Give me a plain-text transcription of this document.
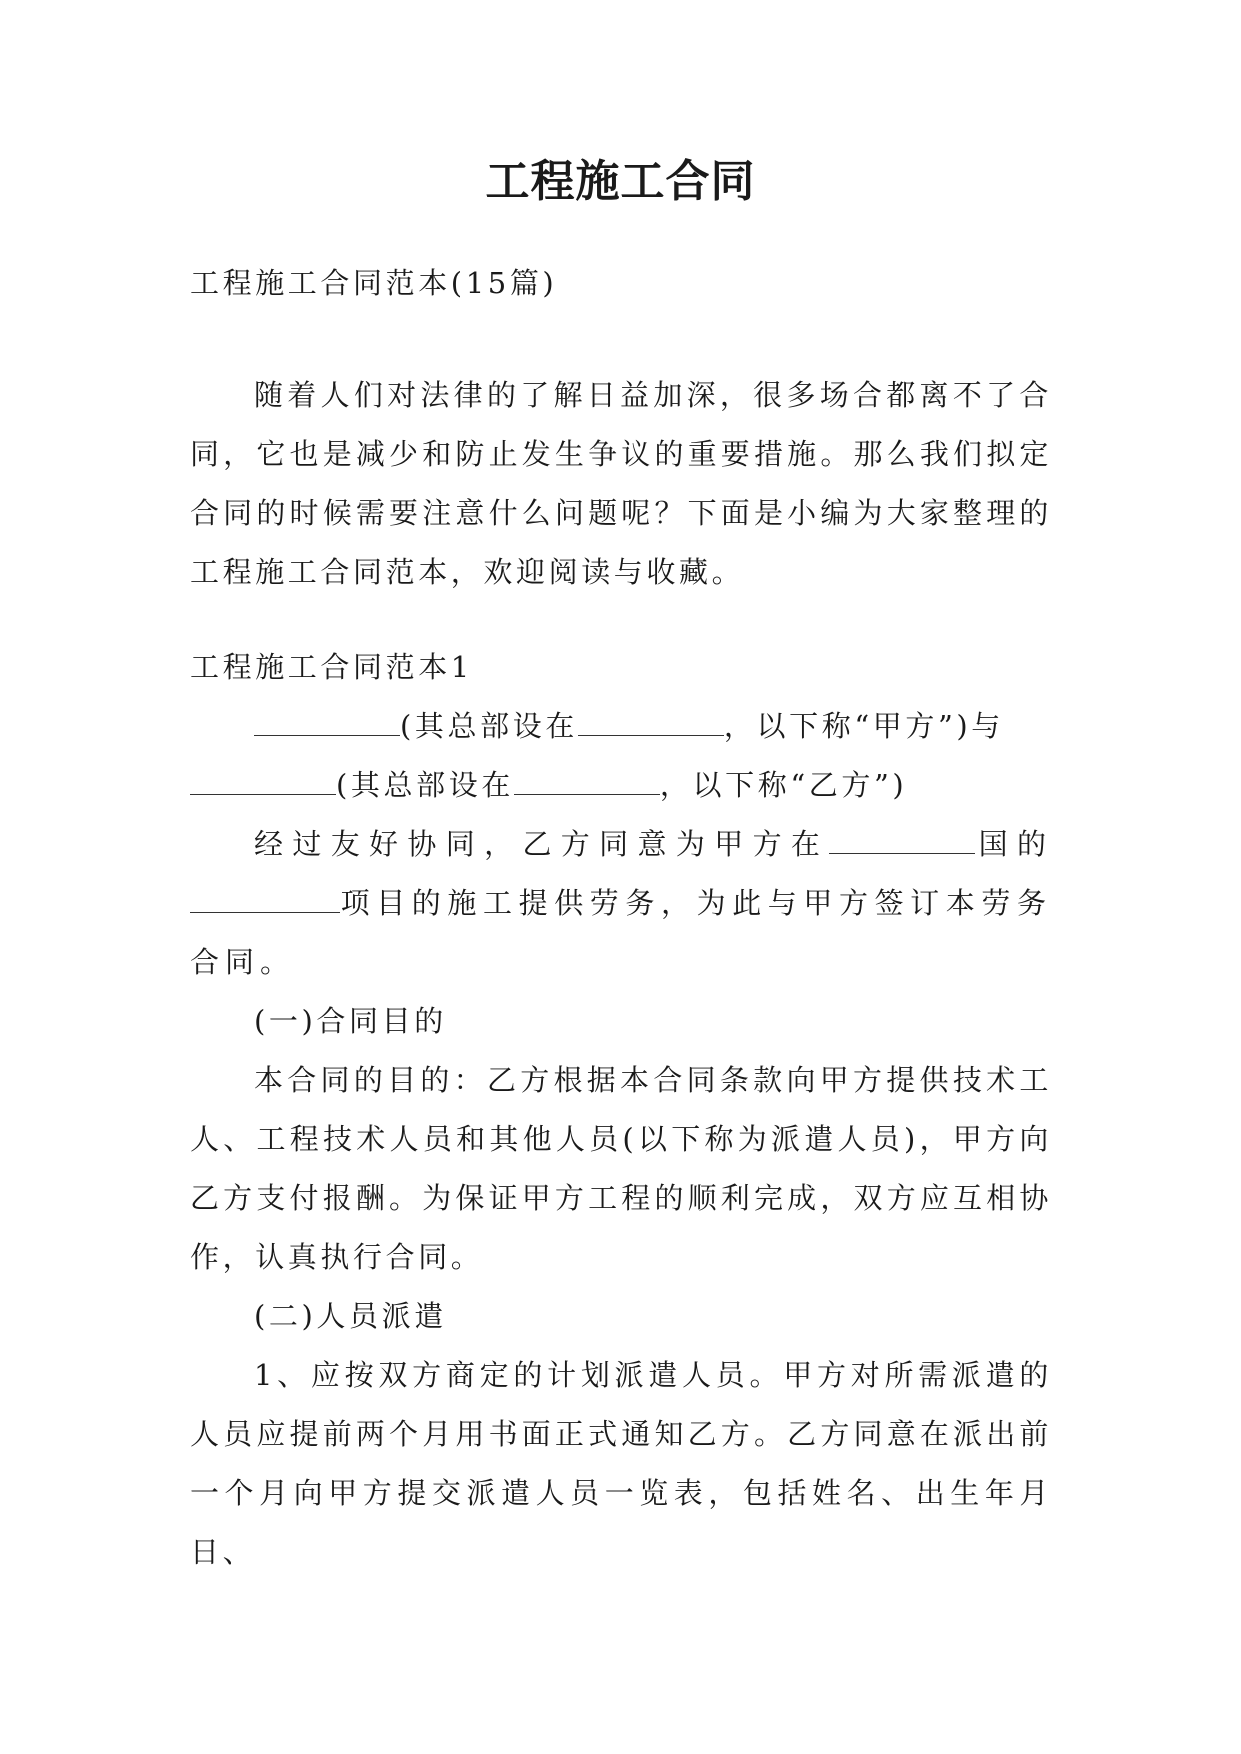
工程施工合同

工程施工合同范本(15篇)

随着人们对法律的了解日益加深，很多场合都离不了合同，它也是减少和防止发生争议的重要措施。那么我们拟定合同的时候需要注意什么问题呢？下面是小编为大家整理的工程施工合同范本，欢迎阅读与收藏。

工程施工合同范本1

(其总部设在	，以下称“甲方”)与

(其总部设在	，以下称“乙方”)

经过友好协同，乙方同意为甲方在	国的项目的施工提供劳务，为此与甲方签订本劳务合同。

(一)合同目的

本合同的目的：乙方根据本合同条款向甲方提供技术工人、工程技术人员和其他人员(以下称为派遣人员)，甲方向乙方支付报酬。为保证甲方工程的顺利完成，双方应互相协作，认真执行合同。

(二)人员派遣

1、应按双方商定的计划派遣人员。甲方对所需派遣的人员应提前两个月用书面正式通知乙方。乙方同意在派出前一个月向甲方提交派遣人员一览表，包括姓名、出生年月日、
